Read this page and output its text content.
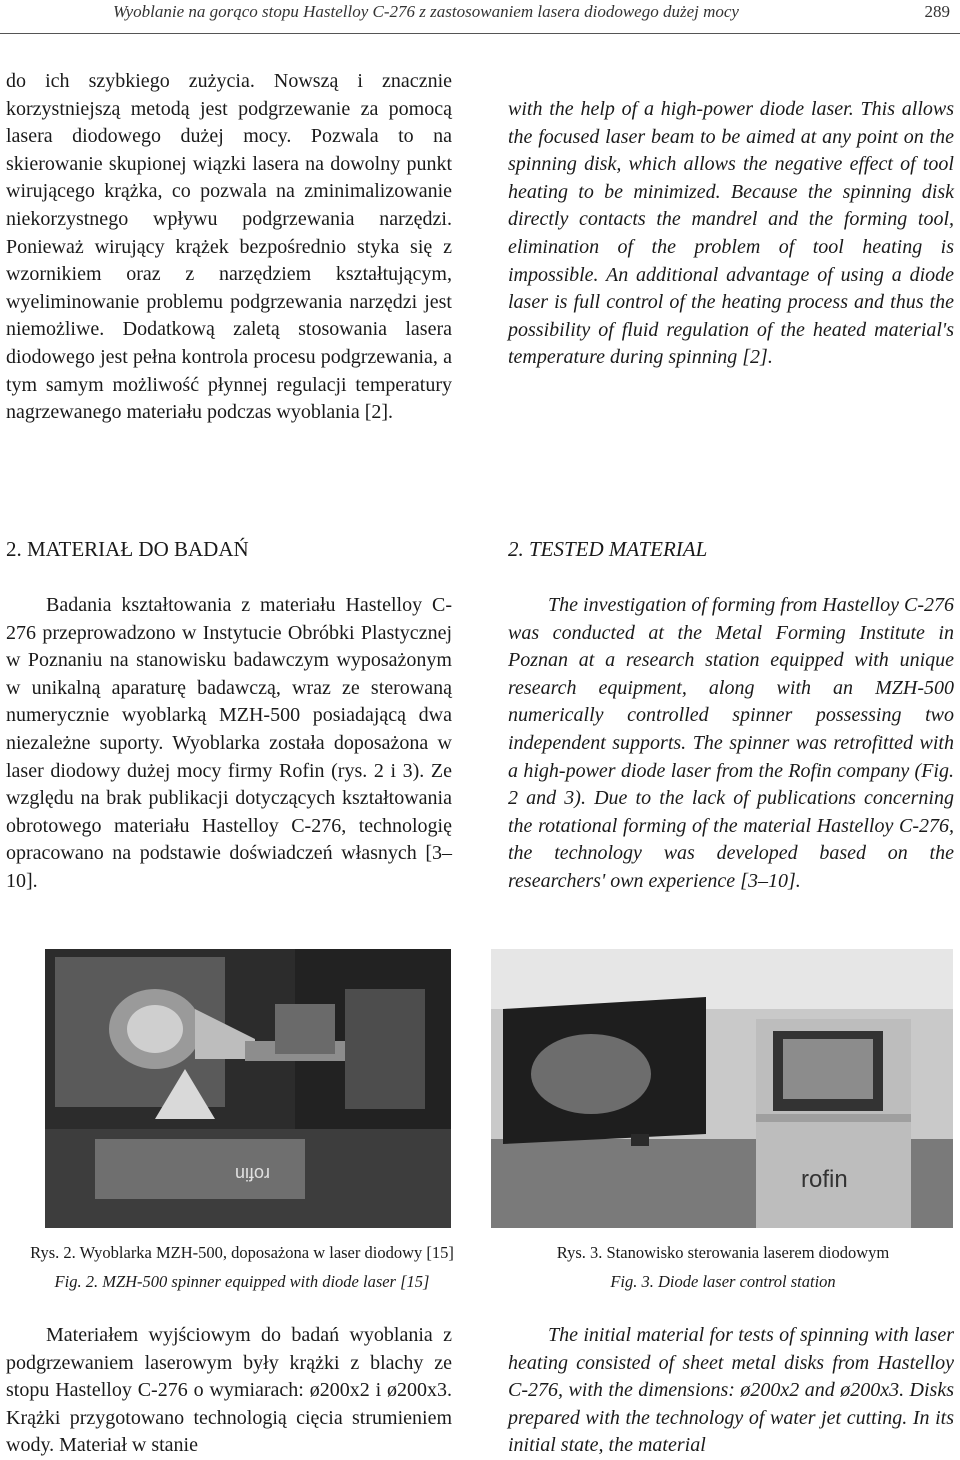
Wyoblanie na gorąco stopu Hastelloy C-276 z zastosowaniem lasera diodowego dużej mocy	289

do ich szybkiego zużycia. Nowszą i znacznie korzystniejszą metodą jest podgrzewanie za pomocą lasera diodowego dużej mocy. Pozwala to na skierowanie skupionej wiązki lasera na dowolny punkt wirującego krążka, co pozwala na zminimalizowanie niekorzystnego wpływu podgrzewania narzędzi. Ponieważ wirujący krążek bezpośrednio styka się z wzornikiem oraz z narzędziem kształtującym, wyeliminowanie problemu podgrzewania narzędzi jest niemożliwe. Dodatkową zaletą stosowania lasera diodowego jest pełna kontrola procesu podgrzewania, a tym samym możliwość płynnej regulacji temperatury nagrzewanego materiału podczas wyoblania [2].

with the help of a high-power diode laser. This allows the focused laser beam to be aimed at any point on the spinning disk, which allows the negative effect of tool heating to be minimized. Because the spinning disk directly contacts the mandrel and the forming tool, elimination of the problem of tool heating is impossible. An additional advantage of using a diode laser is full control of the heating process and thus the possibility of fluid regulation of the heated material's temperature during spinning [2].

2. MATERIAŁ DO BADAŃ	2. TESTED MATERIAL

Badania kształtowania z materiału Hastelloy C-276 przeprowadzono w Instytucie Obróbki Plastycznej w Poznaniu na stanowisku badawczym wyposażonym w unikalną aparaturę badawczą, wraz ze sterowaną numerycznie wyoblarką MZH-500 posiadającą dwa niezależne suporty. Wyoblarka została doposażona w laser diodowy dużej mocy firmy Rofin (rys. 2 i 3). Ze względu na brak publikacji dotyczących kształtowania obrotowego materiału Hastelloy C-276, technologię opracowano na podstawie doświadczeń własnych [3–10].

The investigation of forming from Hastelloy C-276 was conducted at the Metal Forming Institute in Poznan at a research station equipped with unique research equipment, along with an MZH-500 numerically controlled spinner possessing two independent supports. The spinner was retrofitted with a high-power diode laser from the Rofin company (Fig. 2 and 3). Due to the lack of publications concerning the rotational forming of the material Hastelloy C-276, the technology was developed based on the researchers' own experience [3–10].

rofin	rofin
Rys. 2. Wyoblarka MZH-500, doposażona w laser diodowy [15]
Fig. 2. MZH-500 spinner equipped with diode laser [15]
Rys. 3. Stanowisko sterowania laserem diodowym
Fig. 3. Diode laser control station

Materiałem wyjściowym do badań wyoblania z podgrzewaniem laserowym były krążki z blachy ze stopu Hastelloy C-276 o wymiarach: ø200x2 i ø200x3. Krążki przygotowano technologią cięcia strumieniem wody. Materiał w stanie

The initial material for tests of spinning with laser heating consisted of sheet metal disks from Hastelloy C-276, with the dimensions: ø200x2 and ø200x3. Disks prepared with the technology of water jet cutting. In its initial state, the material
